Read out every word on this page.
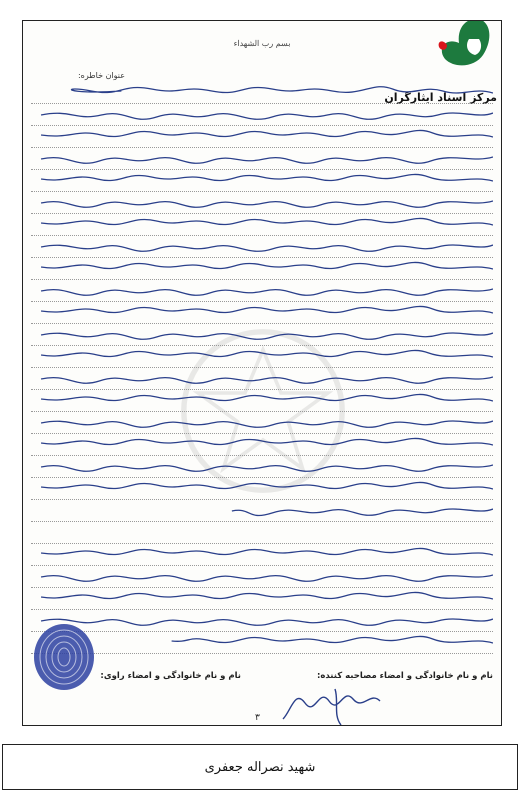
بسم رب الشهداء
مرکز اسناد ایثارگران
عنوان خاطره:
نام و نام خانوادگی و امضاء مصاحبه کننده:
نام و نام خانوادگی و امضاء راوی:
۳
شهید نصراله جعفری
